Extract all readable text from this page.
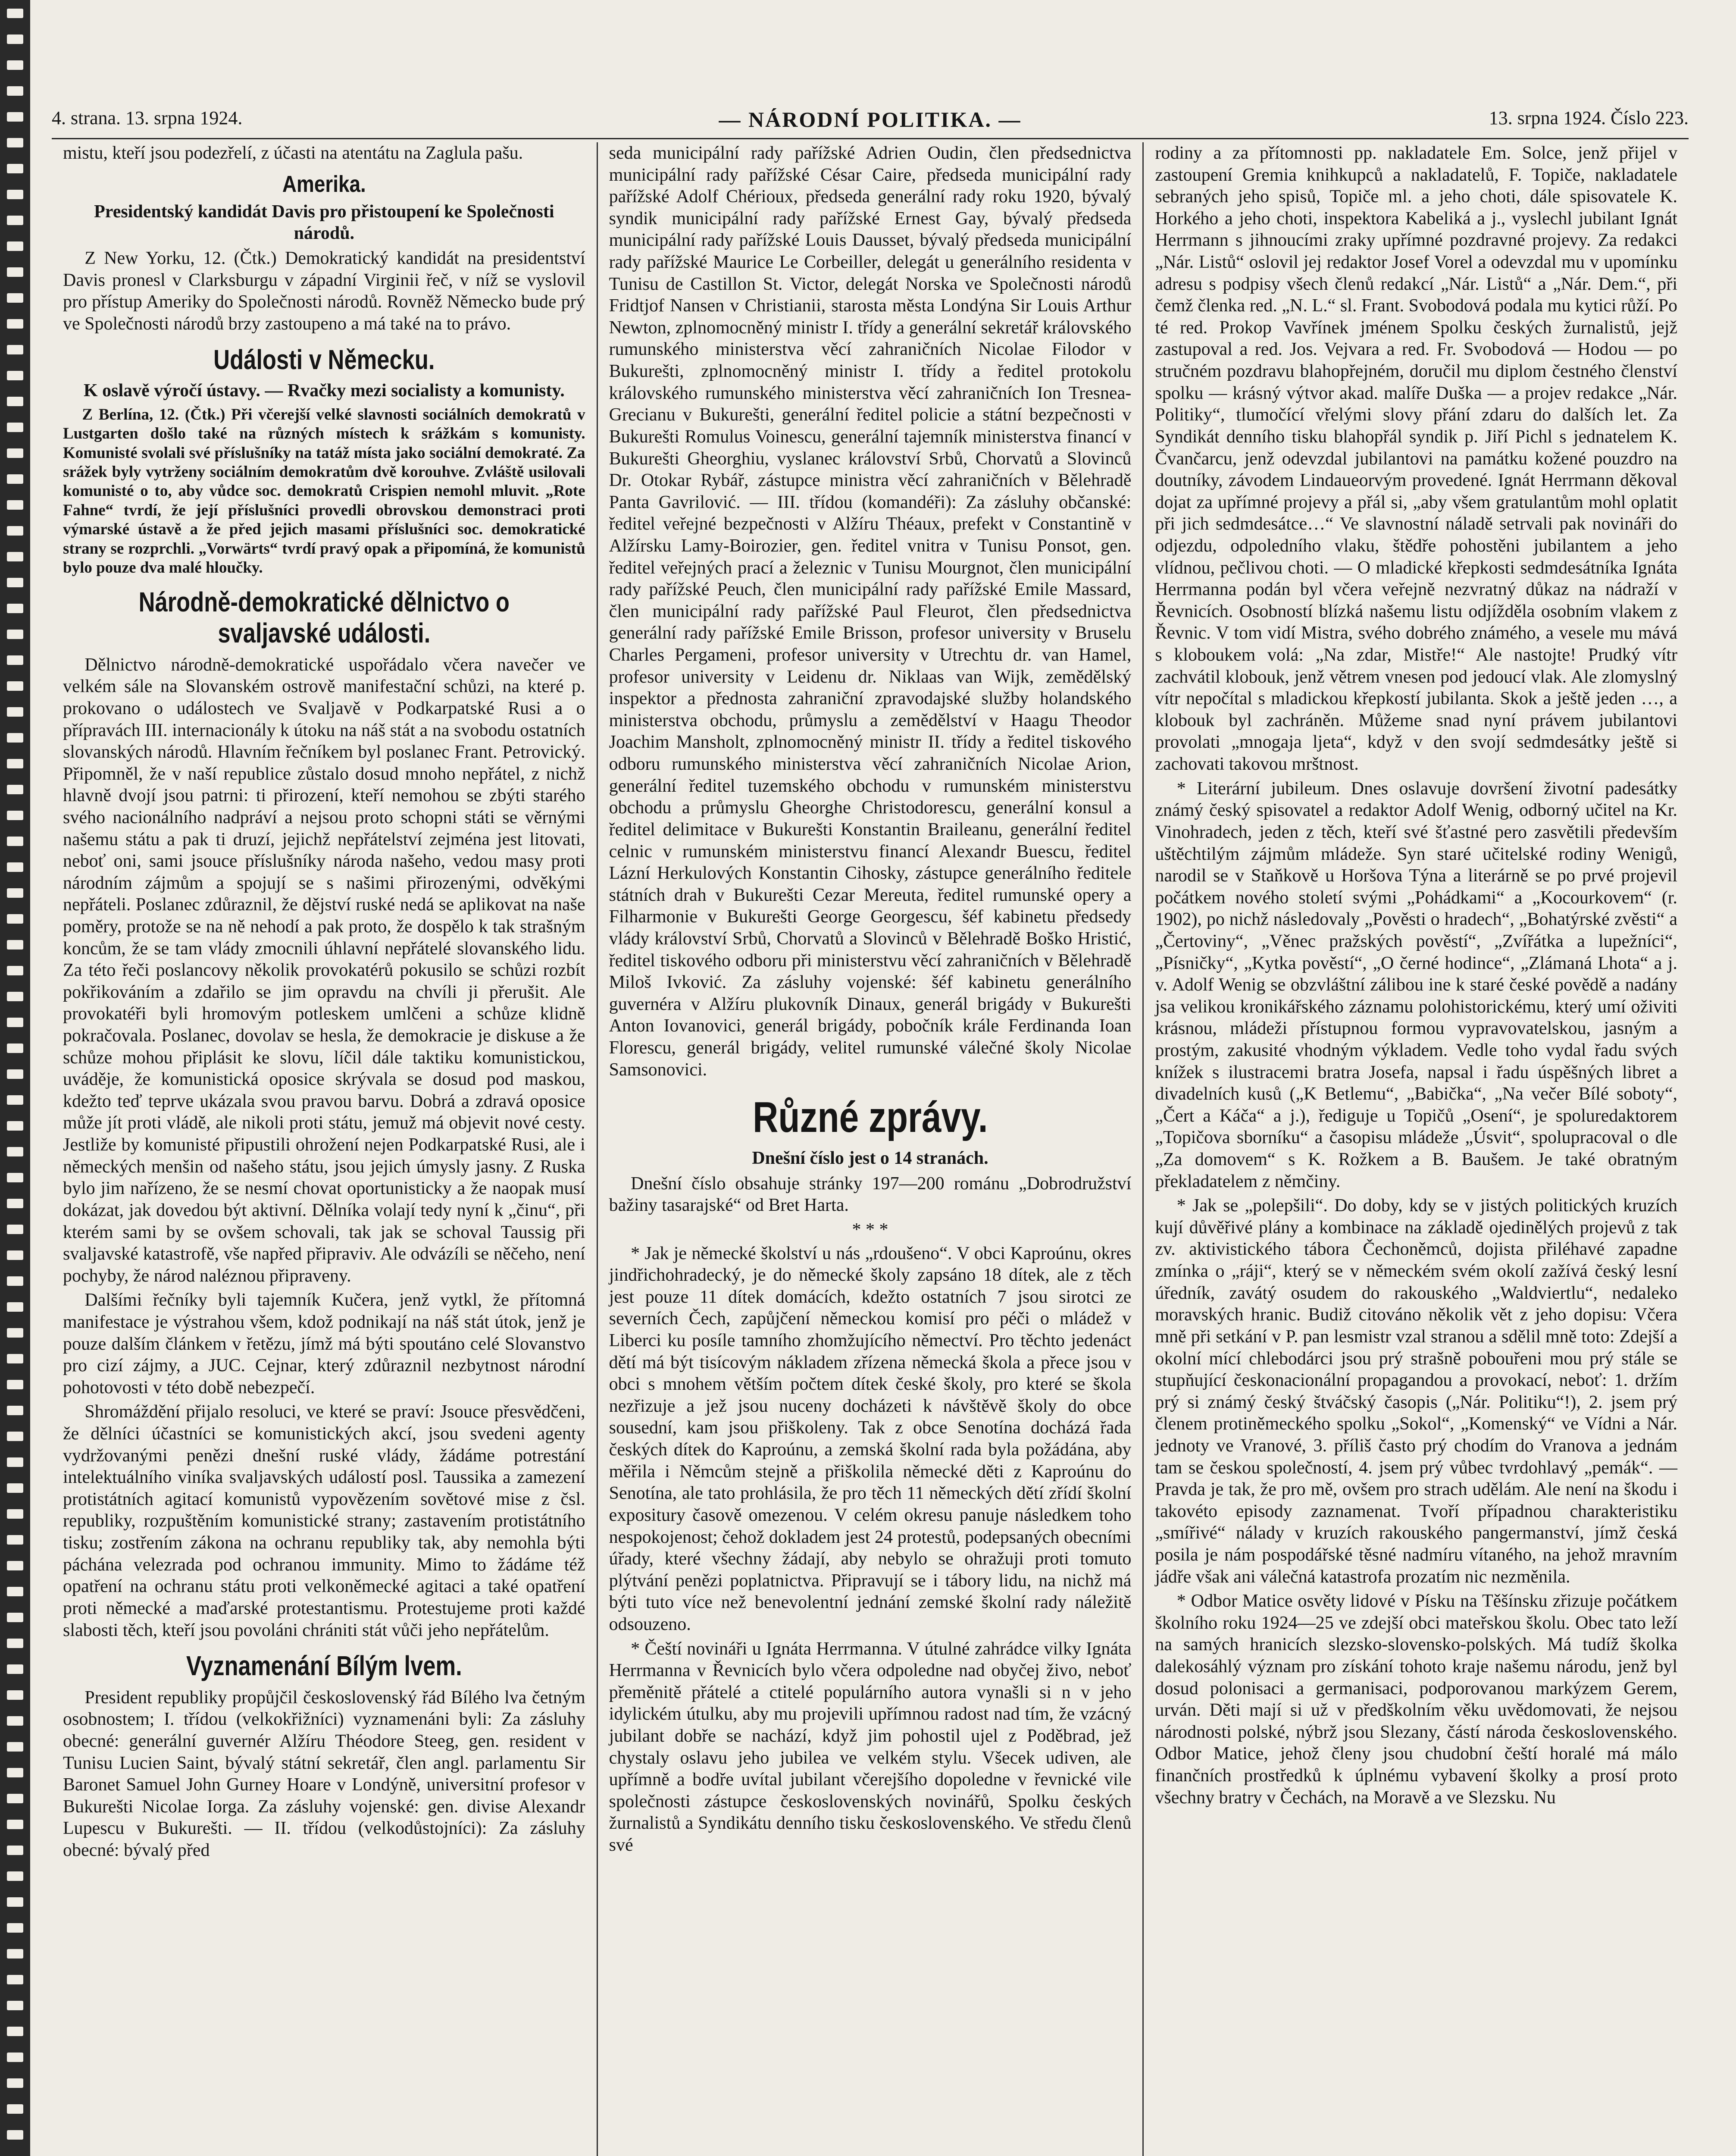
4. strana. 13. srpna 1924.	— NÁRODNÍ POLITIKA. —	13. srpna 1924. Číslo 223.

mistu, kteří jsou podezřelí, z účasti na atentátu na Zaglula pašu.

Amerika.
Presidentský kandidát Davis pro přistoupení ke Společnosti národů.

Z New Yorku, 12. (Čtk.) Demokratický kandidát na presidentství Davis pronesl v Clarksburgu v západní Virginii řeč, v níž se vyslovil pro přístup Ameriky do Společnosti národů. Rovněž Německo bude prý ve Společnosti národů brzy zastoupeno a má také na to právo.

Události v Německu.
K oslavě výročí ústavy. — Rvačky mezi socialisty a komunisty.

Z Berlína, 12. (Čtk.) Při včerejší velké slavnosti sociálních demokratů v Lustgarten došlo také na různých místech k srážkám s komunisty. Komunisté svolali své příslušníky na tatáž místa jako sociální demokraté. Za srážek byly vytrženy sociálním demokratům dvě korouhve. Zvláště usilovali komunisté o to, aby vůdce soc. demokratů Crispien nemohl mluvit. „Rote Fahne“ tvrdí, že její příslušníci provedli obrovskou demonstraci proti výmarské ústavě a že před jejich masami příslušníci soc. demokratické strany se rozprchli. „Vorwärts“ tvrdí pravý opak a připomíná, že komunistů bylo pouze dva malé hloučky.

Národně-demokratické dělnictvo o svaljavské události.

Dělnictvo národně-demokratické uspořádalo včera navečer ve velkém sále na Slovanském ostrově manifestační schůzi, na které p. prokovano o událostech ve Svaljavě v Podkarpatské Rusi a o přípravách III. internacionály k útoku na náš stát a na svobodu ostatních slovanských národů. Hlavním řečníkem byl poslanec Frant. Petrovický. Připomněl, že v naší republice zůstalo dosud mnoho nepřátel, z nichž hlavně dvojí jsou patrni: ti přirození, kteří nemohou se zbýti starého svého nacionálního nadpráví a nejsou proto schopni státi se věrnými našemu státu a pak ti druzí, jejichž nepřátelství zejména jest litovati, neboť oni, sami jsouce příslušníky národa našeho, vedou masy proti národním zájmům a spojují se s našimi přirozenými, odvěkými nepřáteli. Poslanec zdůraznil, že dějství ruské nedá se aplikovat na naše poměry, protože se na ně nehodí a pak proto, že dospělo k tak strašným koncům, že se tam vlády zmocnili úhlavní nepřátelé slovanského lidu. Za této řeči poslancovy několik provokatérů pokusilo se schůzi rozbít pokřikováním a zdařilo se jim opravdu na chvíli ji přerušit. Ale provokatéři byli hromovým potleskem umlčeni a schůze klidně pokračovala. Poslanec, dovolav se hesla, že demokracie je diskuse a že schůze mohou připlásit ke slovu, líčil dále taktiku komunistickou, uváděje, že komunistická oposice skrývala se dosud pod maskou, kdežto teď teprve ukázala svou pravou barvu. Dobrá a zdravá oposice může jít proti vládě, ale nikoli proti státu, jemuž má objevit nové cesty. Jestliže by komunisté připustili ohrožení nejen Podkarpatské Rusi, ale i německých menšin od našeho státu, jsou jejich úmysly jasny. Z Ruska bylo jim nařízeno, že se nesmí chovat oportunisticky a že naopak musí dokázat, jak dovedou být aktivní. Dělníka volají tedy nyní k „činu“, při kterém sami by se ovšem schovali, tak jak se schoval Taussig při svaljavské katastrofě, vše napřed připraviv. Ale odvázíli se něčeho, není pochyby, že národ naléznou připraveny.

Dalšími řečníky byli tajemník Kučera, jenž vytkl, že přítomná manifestace je výstrahou všem, kdož podnikají na náš stát útok, jenž je pouze dalším článkem v řetězu, jímž má býti spoutáno celé Slovanstvo pro cizí zájmy, a JUC. Cejnar, který zdůraznil nezbytnost národní pohotovosti v této době nebezpečí.

Shromáždění přijalo resoluci, ve které se praví: Jsouce přesvědčeni, že dělníci účastníci se komunistických akcí, jsou svedeni agenty vydržovanými penězi dnešní ruské vlády, žádáme potrestání intelektuálního viníka svaljavských událostí posl. Taussika a zamezení protistátních agitací komunistů vypovězením sovětové mise z čsl. republiky, rozpuštěním komunistické strany; zastavením protistátního tisku; zostřením zákona na ochranu republiky tak, aby nemohla býti páchána velezrada pod ochranou immunity. Mimo to žádáme též opatření na ochranu státu proti velkoněmecké agitaci a také opatření proti německé a maďarské protestantismu. Protestujeme proti každé slabosti těch, kteří jsou povoláni chrániti stát vůči jeho nepřátelům.

Vyznamenání Bílým lvem.

President republiky propůjčil československý řád Bílého lva četným osobnostem; I. třídou (velkokřižníci) vyznamenáni byli: Za zásluhy obecné: generální guvernér Alžíru Théodore Steeg, gen. resident v Tunisu Lucien Saint, bývalý státní sekretář, člen angl. parlamentu Sir Baronet Samuel John Gurney Hoare v Londýně, universitní profesor v Bukurešti Nicolae Iorga. Za zásluhy vojenské: gen. divise Alexandr Lupescu v Bukurešti. — II. třídou (velkodůstojníci): Za zásluhy obecné: bývalý před

seda municipální rady pařížské Adrien Oudin, člen předsednictva municipální rady pařížské César Caire, předseda municipální rady pařížské Adolf Chérioux, předseda generální rady roku 1920, bývalý syndik municipální rady pařížské Ernest Gay, bývalý předseda municipální rady pařížské Louis Dausset, bývalý předseda municipální rady pařížské Maurice Le Corbeiller, delegát u generálního residenta v Tunisu de Castillon St. Victor, delegát Norska ve Společnosti národů Fridtjof Nansen v Christianii, starosta města Londýna Sir Louis Arthur Newton, zplnomocněný ministr I. třídy a generální sekretář královského rumunského ministerstva věcí zahraničních Nicolae Filodor v Bukurešti, zplnomocněný ministr I. třídy a ředitel protokolu královského rumunského ministerstva věcí zahraničních Ion Tresnea-Grecianu v Bukurešti, generální ředitel policie a státní bezpečnosti v Bukurešti Romulus Voinescu, generální tajemník ministerstva financí v Bukurešti Gheorghiu, vyslanec království Srbů, Chorvatů a Slovinců Dr. Otokar Rybář, zástupce ministra věcí zahraničních v Bělehradě Panta Gavrilović. — III. třídou (komandéři): Za zásluhy občanské: ředitel veřejné bezpečnosti v Alžíru Théaux, prefekt v Constantině v Alžírsku Lamy-Boirozier, gen. ředitel vnitra v Tunisu Ponsot, gen. ředitel veřejných prací a železnic v Tunisu Mourgnot, člen municipální rady pařížské Peuch, člen municipální rady pařížské Emile Massard, člen municipální rady pařížské Paul Fleurot, člen předsednictva generální rady pařížské Emile Brisson, profesor university v Bruselu Charles Pergameni, profesor university v Utrechtu dr. van Hamel, profesor university v Leidenu dr. Niklaas van Wijk, zemědělský inspektor a přednosta zahraniční zpravodajské služby holandského ministerstva obchodu, průmyslu a zemědělství v Haagu Theodor Joachim Mansholt, zplnomocněný ministr II. třídy a ředitel tiskového odboru rumunského ministerstva věcí zahraničních Nicolae Arion, generální ředitel tuzemského obchodu v rumunském ministerstvu obchodu a průmyslu Gheorghe Christodorescu, generální konsul a ředitel delimitace v Bukurešti Konstantin Braileanu, generální ředitel celnic v rumunském ministerstvu financí Alexandr Buescu, ředitel Lázní Herkulových Konstantin Cihosky, zástupce generálního ředitele státních drah v Bukurešti Cezar Mereuta, ředitel rumunské opery a Filharmonie v Bukurešti George Georgescu, šéf kabinetu předsedy vlády království Srbů, Chorvatů a Slovinců v Bělehradě Boško Hristić, ředitel tiskového odboru při ministerstvu věcí zahraničních v Bělehradě Miloš Ivković. Za zásluhy vojenské: šéf kabinetu generálního guvernéra v Alžíru plukovník Dinaux, generál brigády v Bukurešti Anton Iovanovici, generál brigády, pobočník krále Ferdinanda Ioan Florescu, generál brigády, velitel rumunské válečné školy Nicolae Samsonovici.

Různé zprávy.
Dnešní číslo jest o 14 stranách.

Dnešní číslo obsahuje stránky 197—200 románu „Dobrodružství bažiny tasarajské“ od Bret Harta.

* * *

* Jak je německé školství u nás „rdoušeno“. V obci Kaproúnu, okres jindřichohradecký, je do německé školy zapsáno 18 dítek, ale z těch jest pouze 11 dítek domácích, kdežto ostatních 7 jsou sirotci ze severních Čech, zapůjčení německou komisí pro péči o mládež v Liberci ku posíle tamního zhomžujícího němectví. Pro těchto jedenáct dětí má být tisícovým nákladem zřízena německá škola a přece jsou v obci s mnohem větším počtem dítek české školy, pro které se škola nezřizuje a jež jsou nuceny docházeti k návštěvě školy do obce sousední, kam jsou přiškoleny. Tak z obce Senotína docházá řada českých dítek do Kaproúnu, a zemská školní rada byla požádána, aby měřila i Němcům stejně a přiškolila německé děti z Kaproúnu do Senotína, ale tato prohlásila, že pro těch 11 německých dětí zřídí školní expositury časově omezenou. V celém okresu panuje následkem toho nespokojenost; čehož dokladem jest 24 protestů, podepsaných obecními úřady, které všechny žádají, aby nebylo se ohražuji proti tomuto plýtvání penězi poplatnictva. Připravují se i tábory lidu, na nichž má býti tuto více než benevolentní jednání zemské školní rady náležitě odsouzeno.

* Čeští novináři u Ignáta Herrmanna. V útulné zahrádce vilky Ignáta Herrmanna v Řevnicích bylo včera odpoledne nad obyčej živo, neboť přeměnitě přátelé a ctitelé populárního autora vynašli si n v jeho idylickém útulku, aby mu projevili upřímnou radost nad tím, že vzácný jubilant dobře se nachází, když jim pohostil ujel z Poděbrad, jež chystaly oslavu jeho jubilea ve velkém stylu. Všecek udiven, ale upřímně a bodře uvítal jubilant včerejšího dopoledne v řevnické vile společnosti zástupce československých novinářů, Spolku českých žurnalistů a Syndikátu denního tisku československého. Ve středu členů své

rodiny a za přítomnosti pp. nakladatele Em. Solce, jenž přijel v zastoupení Gremia knihkupců a nakladatelů, F. Topiče, nakladatele sebraných jeho spisů, Topiče ml. a jeho choti, dále spisovatele K. Horkého a jeho choti, inspektora Kabeliká a j., vyslechl jubilant Ignát Herrmann s jihnoucími zraky upřímné pozdravné projevy. Za redakci „Nár. Listů“ oslovil jej redaktor Josef Vorel a odevzdal mu v upomínku adresu s podpisy všech členů redakcí „Nár. Listů“ a „Nár. Dem.“, při čemž členka red. „N. L.“ sl. Frant. Svobodová podala mu kytici růží. Po té red. Prokop Vavřínek jménem Spolku českých žurnalistů, jejž zastupoval a red. Jos. Vejvara a red. Fr. Svobodová — Hodou — po stručném pozdravu blahopřejném, doručil mu diplom čestného členství spolku — krásný výtvor akad. malíře Duška — a projev redakce „Nár. Politiky“, tlumočící vřelými slovy přání zdaru do dalších let. Za Syndikát denního tisku blahopřál syndik p. Jiří Pichl s jednatelem K. Čvančarcu, jenž odevzdal jubilantovi na památku kožené pouzdro na doutníky, závodem Lindaueorvým provedené. Ignát Herrmann děkoval dojat za upřímné projevy a přál si, „aby všem gratulantům mohl oplatit při jich sedmdesátce…“ Ve slavnostní náladě setrvali pak novináři do odjezdu, odpoledního vlaku, štědře pohostěni jubilantem a jeho vlídnou, pečlivou choti. — O mladické křepkosti sedmdesátníka Ignáta Herrmanna podán byl včera veřejně nezvratný důkaz na nádraží v Řevnicích. Osobností blízká našemu listu odjížděla osobním vlakem z Řevnic. V tom vidí Mistra, svého dobrého známého, a vesele mu mává s kloboukem volá: „Na zdar, Mistře!“ Ale nastojte! Prudký vítr zachvátil klobouk, jenž větrem vnesen pod jedoucí vlak. Ale zlomyslný vítr nepočítal s mladickou křepkostí jubilanta. Skok a ještě jeden …, a klobouk byl zachráněn. Můžeme snad nyní právem jubilantovi provolati „mnogaja ljeta“, když v den svojí sedmdesátky ještě si zachovati takovou mrštnost.

* Literární jubileum. Dnes oslavuje dovršení životní padesátky známý český spisovatel a redaktor Adolf Wenig, odborný učitel na Kr. Vinohradech, jeden z těch, kteří své šťastné pero zasvětili především uštěchtilým zájmům mládeže. Syn staré učitelské rodiny Wenigů, narodil se v Staňkově u Horšova Týna a literárně se po prvé projevil počátkem nového století svými „Pohádkami“ a „Kocourkovem“ (r. 1902), po nichž následovaly „Pověsti o hradech“, „Bohatýrské zvěsti“ a „Čertoviny“, „Věnec pražských pověstí“, „Zvířátka a lupežníci“, „Písničky“, „Kytka pověstí“, „O černé hodince“, „Zlámaná Lhota“ a j. v. Adolf Wenig se obzvláštní zálibou ine k staré české povědě a nadány jsa velikou kronikářského záznamu polohistorickému, který umí oživiti krásnou, mládeži přístupnou formou vypravovatelskou, jasným a prostým, zakusité vhodným výkladem. Vedle toho vydal řadu svých knížek s ilustracemi bratra Josefa, napsal i řadu úspěšných libret a divadelních kusů („K Betlemu“, „Babička“, „Na večer Bílé soboty“, „Čert a Káča“ a j.), řediguje u Topičů „Osení“, je spoluredaktorem „Topičova sborníku“ a časopisu mládeže „Úsvit“, spolupracoval o dle „Za domovem“ s K. Rožkem a B. Baušem. Je také obratným překladatelem z němčiny.

* Jak se „polepšili“. Do doby, kdy se v jistých politických kruzích kují důvěřivé plány a kombinace na základě ojedinělých projevů z tak zv. aktivistického tábora Čechoněmců, dojista přiléhavé zapadne zmínka o „ráji“, který se v německém svém okolí zažívá český lesní úředník, zavátý osudem do rakouského „Waldviertlu“, nedaleko moravských hranic. Budiž citováno několik vět z jeho dopisu: Včera mně při setkání v P. pan lesmistr vzal stranou a sdělil mně toto: Zdejší a okolní mící chlebodárci jsou prý strašně pobouřeni mou prý stále se stupňující českonacionální propagandou a provokací, neboť: 1. držím prý si známý český štváčský časopis („Nár. Politiku“!), 2. jsem prý členem protiněmeckého spolku „Sokol“, „Komenský“ ve Vídni a Nár. jednoty ve Vranové, 3. příliš často prý chodím do Vranova a jednám tam se českou společností, 4. jsem prý vůbec tvrdohlavý „pemák“. — Pravda je tak, že pro mě, ovšem pro strach udělám. Ale není na škodu i takovéto episody zaznamenat. Tvoří případnou charakteristiku „smířivé“ nálady v kruzích rakouského pangermanství, jímž česká posila je nám pospodářské těsné nadmíru vítaného, na jehož mravním jádře však ani válečná katastrofa prozatím nic nezměnila.

* Odbor Matice osvěty lidové v Písku na Těšínsku zřizuje počátkem školního roku 1924—25 ve zdejší obci mateřskou školu. Obec tato leží na samých hranicích slezsko-slovensko-polských. Má tudíž školka dalekosáhlý význam pro získání tohoto kraje našemu národu, jenž byl dosud polonisaci a germanisaci, podporovanou markýzem Gerem, urván. Děti mají si už v předškolním věku uvědomovati, že nejsou národnosti polské, nýbrž jsou Slezany, částí národa československého. Odbor Matice, jehož členy jsou chudobní čeští horalé má málo finančních prostředků k úplnému vybavení školky a prosí proto všechny bratry v Čechách, na Moravě a ve Slezsku. Nu
